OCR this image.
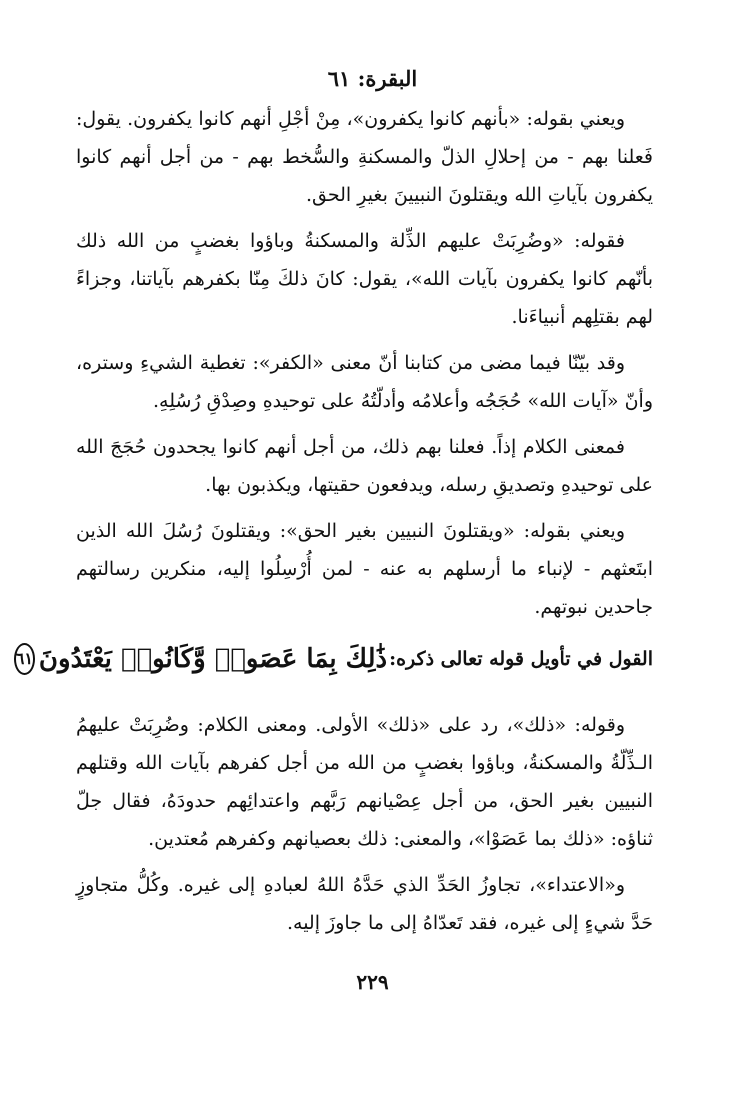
البقرة: ٦١

ويعني بقوله: «بأنهم كانوا يكفرون»، مِنْ أجْلِ أنهم كانوا يكفرون. يقول: فَعلنا بهم - من إحلالِ الذلّ والمسكنةِ والسُّخط بهم - من أجل أنهم كانوا يكفرون بآياتِ الله ويقتلونَ النبيينَ بغيرِ الحق.

فقوله: «وضُرِبَتْ عليهم الذِّلة والمسكنةُ وباؤوا بغضبٍ من الله ذلك بأنّهم كانوا يكفرون بآيات الله»، يقول: كانَ ذلكَ مِنّا بكفرهم بآياتنا، وجزاءً لهم بقتلِهم أنبياءَنا.

وقد بيّنّا فيما مضى من كتابنا أنّ معنى «الكفر»: تغطية الشيءِ وستره، وأنّ «آيات الله» حُجَجُه وأعلامُه وأدلّتُهُ على توحيدهِ وصِدْقِ رُسُلِهِ.

فمعنى الكلام إذاً. فعلنا بهم ذلك، من أجل أنهم كانوا يجحدون حُجَجَ الله على توحيدهِ وتصديقِ رسله، ويدفعون حقيتها، ويكذبون بها.

ويعني بقوله: «ويقتلونَ النبيين بغير الحق»: ويقتلونَ رُسُلَ الله الذين ابتَعثهم - لإنباء ما أرسلهم به عنه - لمن أُرْسِلُوا إليه، منكرين رسالتهم جاحدين نبوتهم.

القول في تأويل قوله تعالى ذكره:
ذَٰلِكَ بِمَا عَصَوا۟ وَّكَانُوا۟ يَعْتَدُونَ
٦١

وقوله: «ذلك»، رد على «ذلك» الأولى. ومعنى الكلام: وضُرِبَتْ عليهمُ الـذِّلّةُ والمسكنةُ، وباؤوا بغضبٍ من الله من أجل كفرهم بآيات الله وقتلهم النبيين بغير الحق، من أجل عِصْيانهم رَبَّهم واعتدائِهم حدودَهُ، فقال جلّ ثناؤه: «ذلك بما عَصَوْا»، والمعنى: ذلك بعصيانهم وكفرهم مُعتدين.

و«الاعتداء»، تجاوزُ الحَدِّ الذي حَدَّهُ اللهُ لعبادهِ إلى غيره. وكُلُّ متجاوزٍ حَدَّ شيءٍ إلى غيره، فقد تَعدّاهُ إلى ما جاوزَ إليه.

٢٢٩
